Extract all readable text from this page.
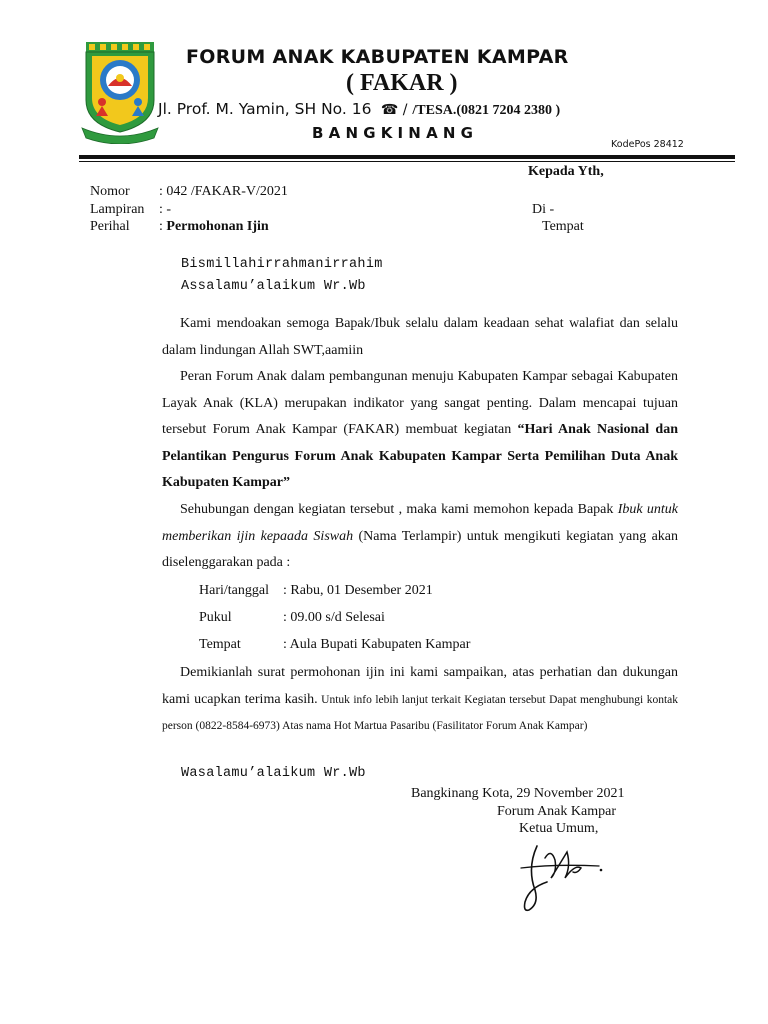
FORUM ANAK KABUPATEN KAMPAR
( FAKAR )
Jl. Prof. M. Yamin, SH No. 16  ☎ / /TESA.(0821 7204 2380 )
BANGKINANG
KodePos 28412
Kepada Yth,
Di -
Tempat
Nomor : 042 /FAKAR-V/2021
Lampiran : -
Perihal : Permohonan Ijin
Bismillahirrahmanirrahim
Assalamu’alaikum Wr.Wb
Kami mendoakan semoga Bapak/Ibuk selalu dalam keadaan sehat walafiat dan selalu dalam lindungan Allah SWT,aamiin
Peran Forum Anak dalam pembangunan menuju Kabupaten Kampar sebagai Kabupaten Layak Anak (KLA) merupakan indikator yang sangat penting. Dalam mencapai tujuan tersebut Forum Anak Kampar (FAKAR) membuat kegiatan “Hari Anak Nasional dan Pelantikan Pengurus Forum Anak Kabupaten Kampar Serta Pemilihan Duta Anak Kabupaten Kampar”
Sehubungan dengan kegiatan tersebut , maka kami memohon kepada Bapak Ibuk untuk memberikan ijin kepaada Siswah (Nama Terlampir) untuk mengikuti kegiatan yang akan diselenggarakan pada :
Hari/tanggal : Rabu, 01 Desember 2021
Pukul	: 09.00 s/d Selesai
Tempat	: Aula Bupati Kabupaten Kampar
Demikianlah surat permohonan ijin ini kami sampaikan, atas perhatian dan dukungan kami ucapkan terima kasih. Untuk info lebih lanjut terkait Kegiatan tersebut Dapat menghubungi kontak person (0822-8584-6973) Atas nama Hot Martua Pasaribu (Fasilitator Forum Anak Kampar)
Wasalamu’alaikum Wr.Wb
Bangkinang Kota, 29 November 2021
Forum Anak Kampar
Ketua Umum,
